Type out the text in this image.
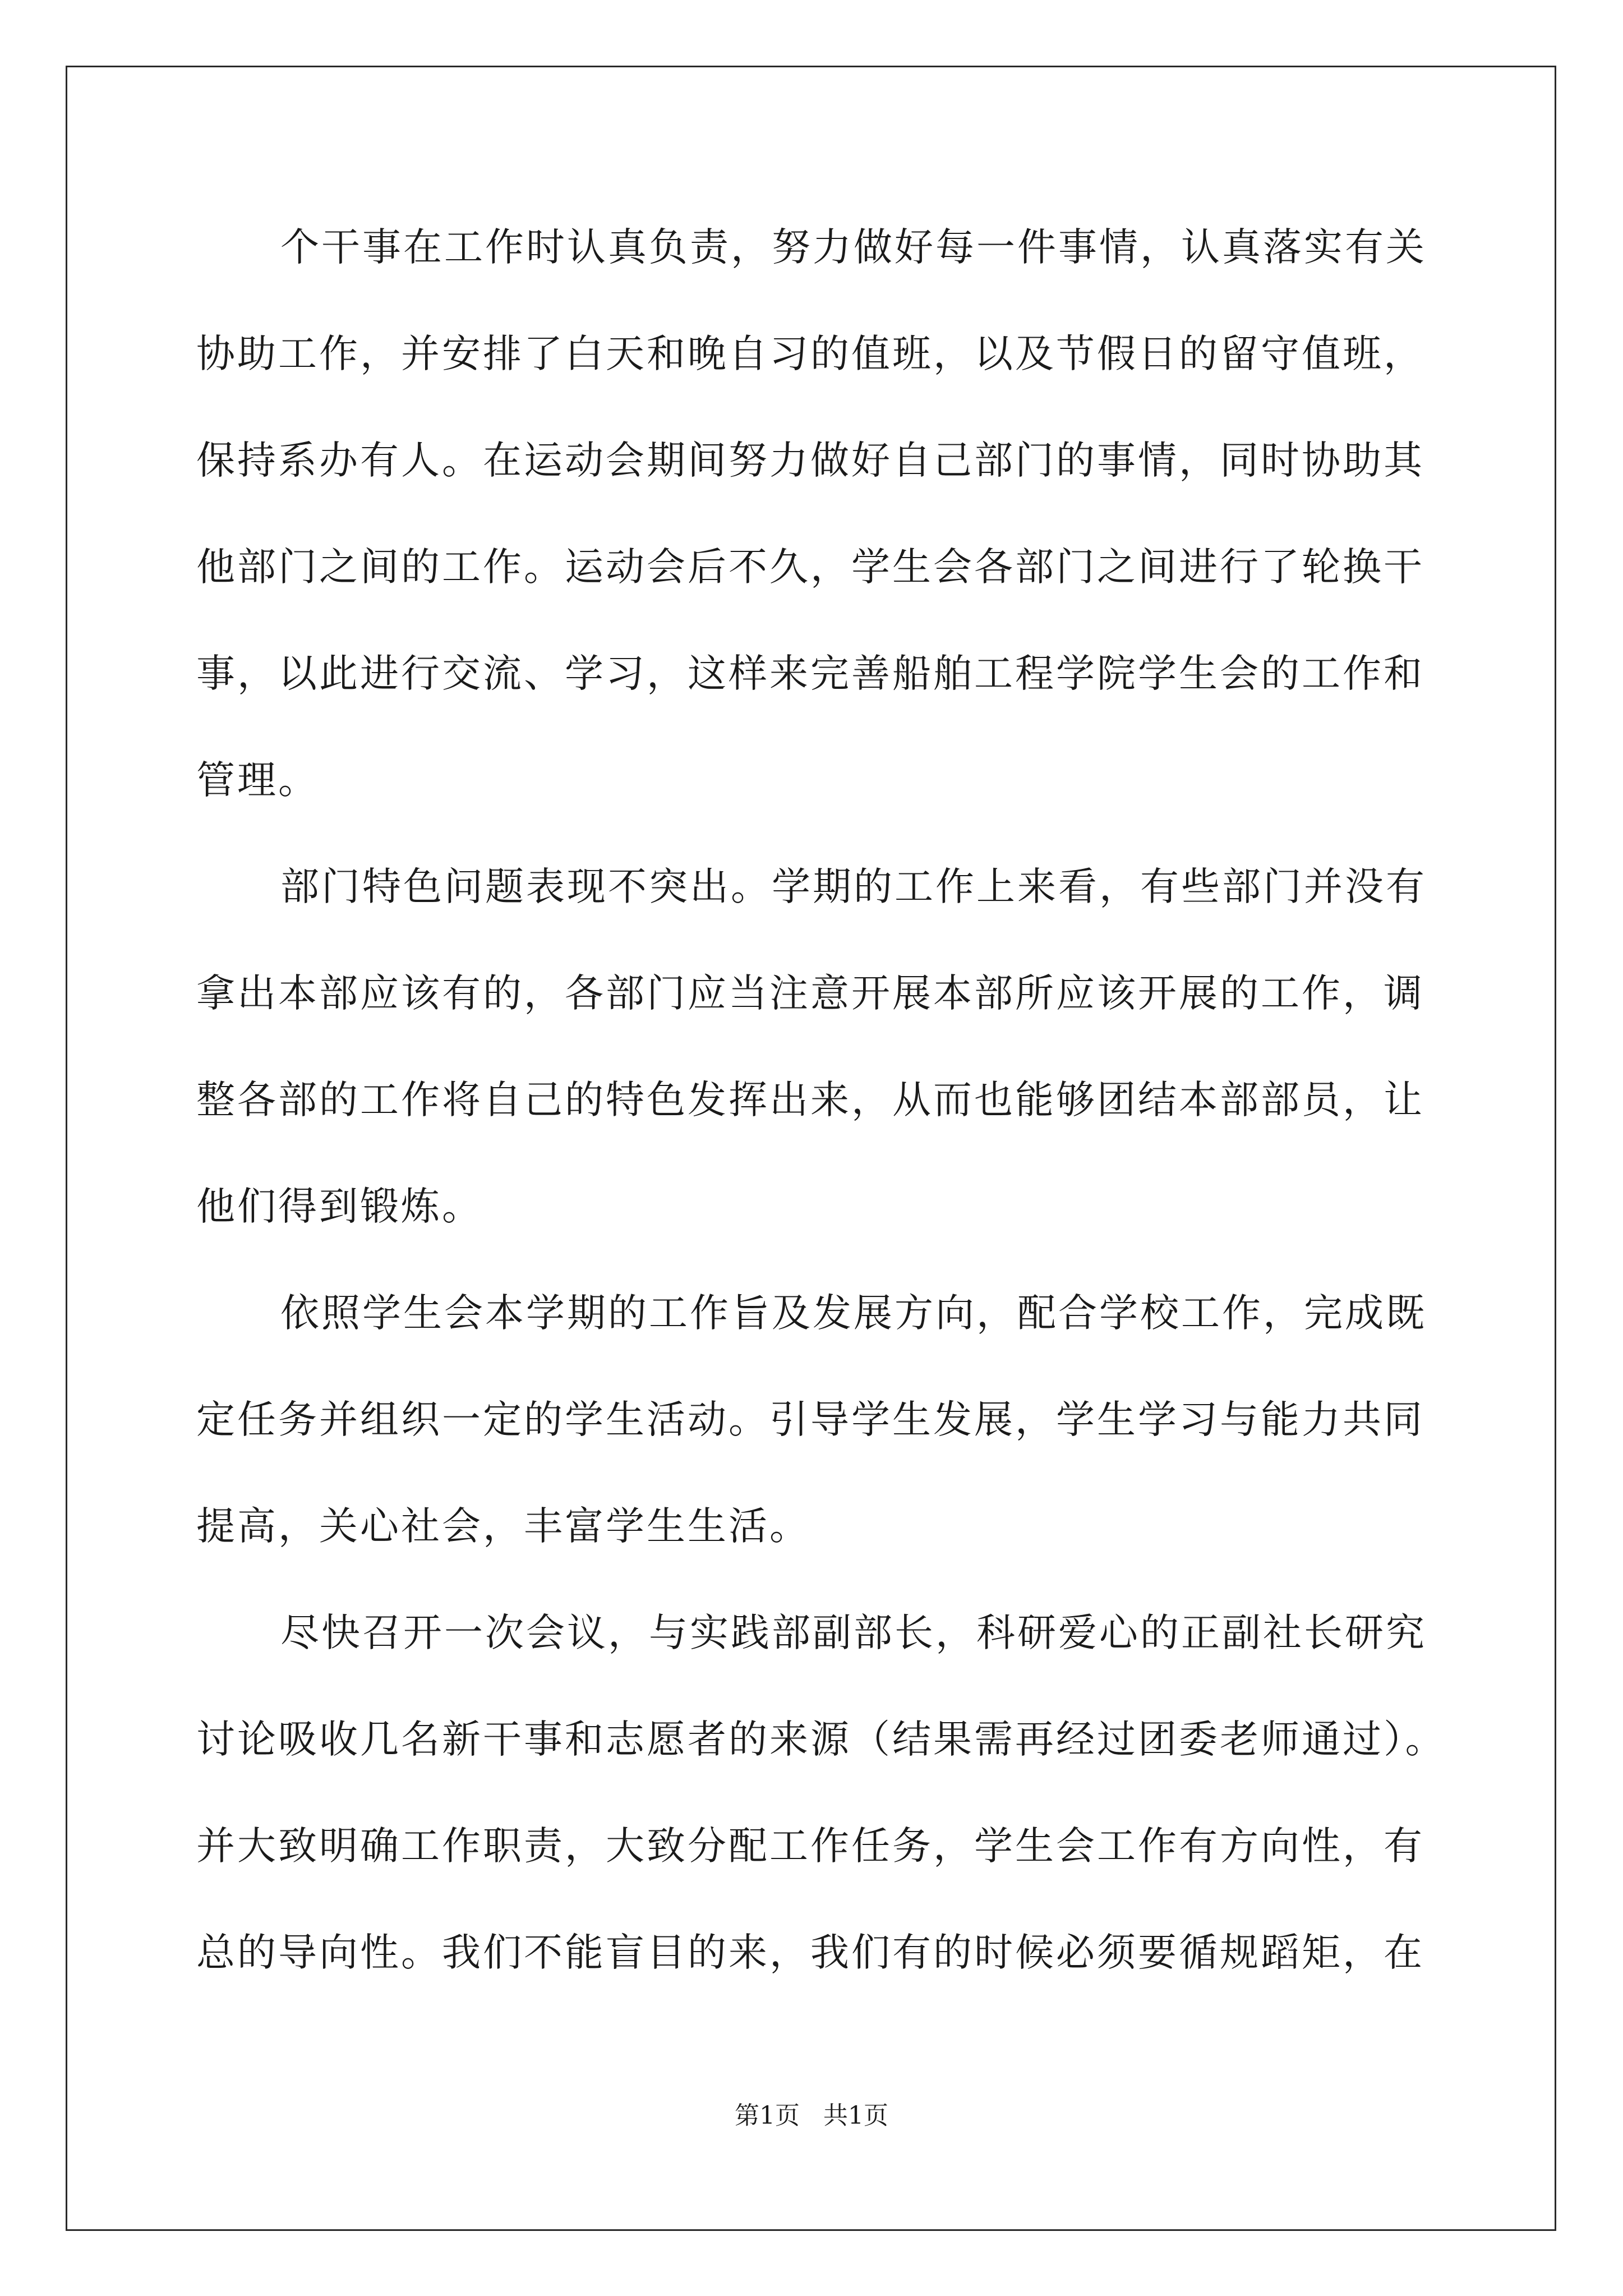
个干事在工作时认真负责，努力做好每一件事情，认真落实有关
协助工作，并安排了白天和晚自习的值班，以及节假日的留守值班，
保持系办有人。在运动会期间努力做好自己部门的事情，同时协助其
他部门之间的工作。运动会后不久，学生会各部门之间进行了轮换干
事，以此进行交流、学习，这样来完善船舶工程学院学生会的工作和
管理。
部门特色问题表现不突出。学期的工作上来看，有些部门并没有
拿出本部应该有的，各部门应当注意开展本部所应该开展的工作，调
整各部的工作将自己的特色发挥出来，从而也能够团结本部部员，让
他们得到锻炼。
依照学生会本学期的工作旨及发展方向，配合学校工作，完成既
定任务并组织一定的学生活动。引导学生发展，学生学习与能力共同
提高，关心社会，丰富学生生活。
尽快召开一次会议，与实践部副部长，科研爱心的正副社长研究
讨论吸收几名新干事和志愿者的来源（结果需再经过团委老师通过）。
并大致明确工作职责，大致分配工作任务，学生会工作有方向性，有
总的导向性。我们不能盲目的来，我们有的时候必须要循规蹈矩，在
第1页   共1页
